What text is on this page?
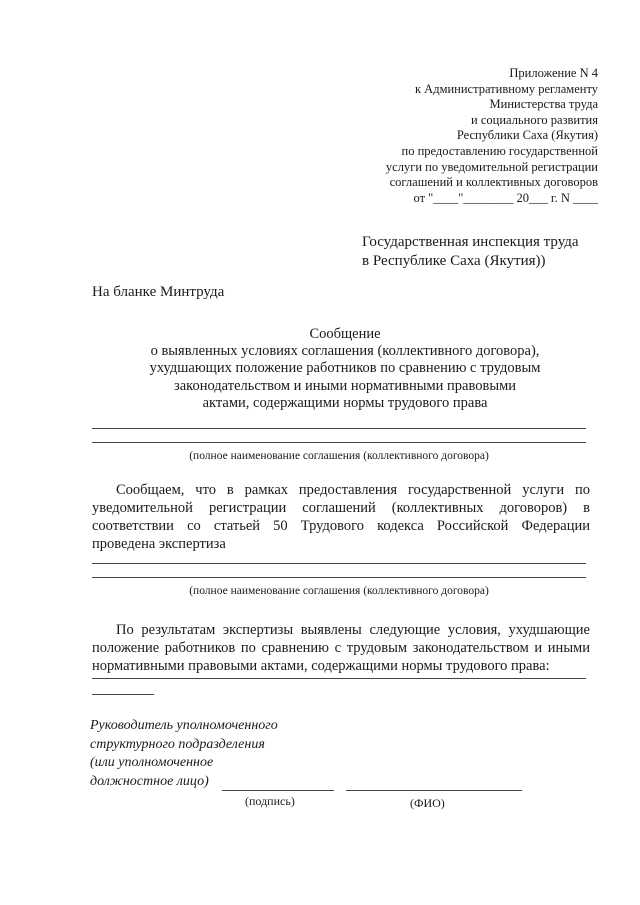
Приложение N 4
к Административному регламенту
Министерства труда
и социального развития
Республики Саха (Якутия)
по предоставлению государственной
услуги по уведомительной регистрации
соглашений и коллективных договоров
от "____"________ 20___ г. N ____
Государственная инспекция труда
в Республике Саха (Якутия))
На бланке Минтруда
Сообщение
о выявленных условиях соглашения (коллективного договора),
ухудшающих положение работников по сравнению с трудовым
законодательством и иными нормативными правовыми
актами, содержащими нормы трудового права
(полное наименование соглашения (коллективного договора)

Сообщаем, что в рамках предоставления государственной услуги по уведомительной регистрации соглашений (коллективных договоров) в соответствии со статьей 50 Трудового кодекса Российской Федерации проведена экспертиза

(полное наименование соглашения (коллективного договора)

По результатам экспертизы выявлены следующие условия, ухудшающие положение работников по сравнению с трудовым законодательством и иными нормативными правовыми актами, содержащими нормы трудового права:

Руководитель уполномоченного
структурного подразделения
(или уполномоченное
должностное лицо)
(подпись)	(ФИО)
